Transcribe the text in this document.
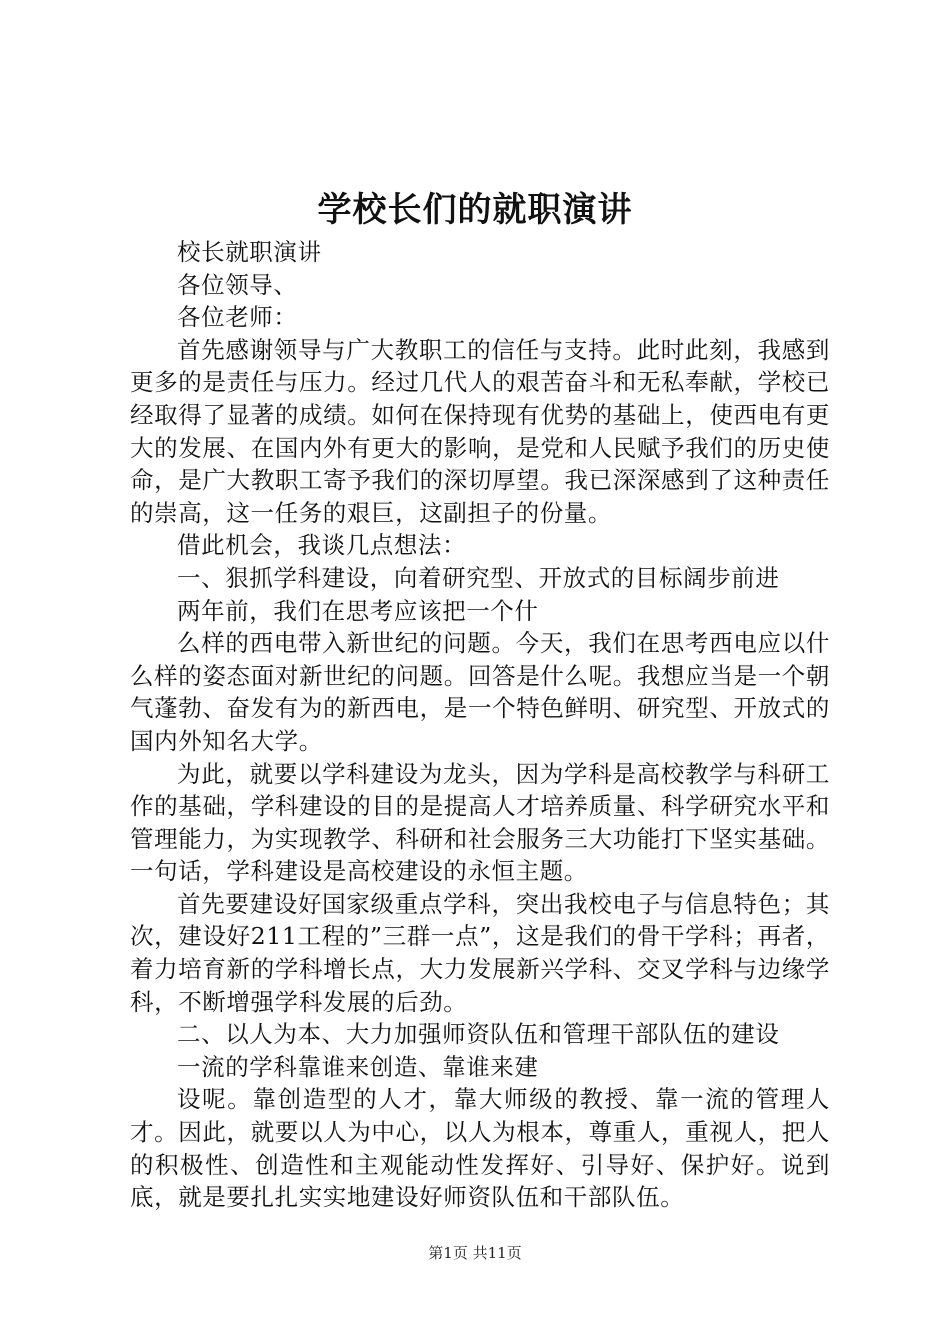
学校长们的就职演讲

校长就职演讲

各位领导、

各位老师：

首先感谢领导与广大教职工的信任与支持。此时此刻，我感到更多的是责任与压力。经过几代人的艰苦奋斗和无私奉献，学校已经取得了显著的成绩。如何在保持现有优势的基础上，使西电有更大的发展、在国内外有更大的影响，是党和人民赋予我们的历史使命，是广大教职工寄予我们的深切厚望。我已深深感到了这种责任的崇高，这一任务的艰巨，这副担子的份量。

借此机会，我谈几点想法：

一、狠抓学科建设，向着研究型、开放式的目标阔步前进

两年前，我们在思考应该把一个什

么样的西电带入新世纪的问题。今天，我们在思考西电应以什么样的姿态面对新世纪的问题。回答是什么呢。我想应当是一个朝气蓬勃、奋发有为的新西电，是一个特色鲜明、研究型、开放式的国内外知名大学。

为此，就要以学科建设为龙头，因为学科是高校教学与科研工作的基础，学科建设的目的是提高人才培养质量、科学研究水平和管理能力，为实现教学、科研和社会服务三大功能打下坚实基础。一句话，学科建设是高校建设的永恒主题。

首先要建设好国家级重点学科，突出我校电子与信息特色；其次，建设好211工程的”三群一点”，这是我们的骨干学科；再者，着力培育新的学科增长点，大力发展新兴学科、交叉学科与边缘学科，不断增强学科发展的后劲。

二、以人为本、大力加强师资队伍和管理干部队伍的建设

一流的学科靠谁来创造、靠谁来建

设呢。靠创造型的人才，靠大师级的教授、靠一流的管理人才。因此，就要以人为中心，以人为根本，尊重人，重视人，把人的积极性、创造性和主观能动性发挥好、引导好、保护好。说到底，就是要扎扎实实地建设好师资队伍和干部队伍。

第1页 共11页
